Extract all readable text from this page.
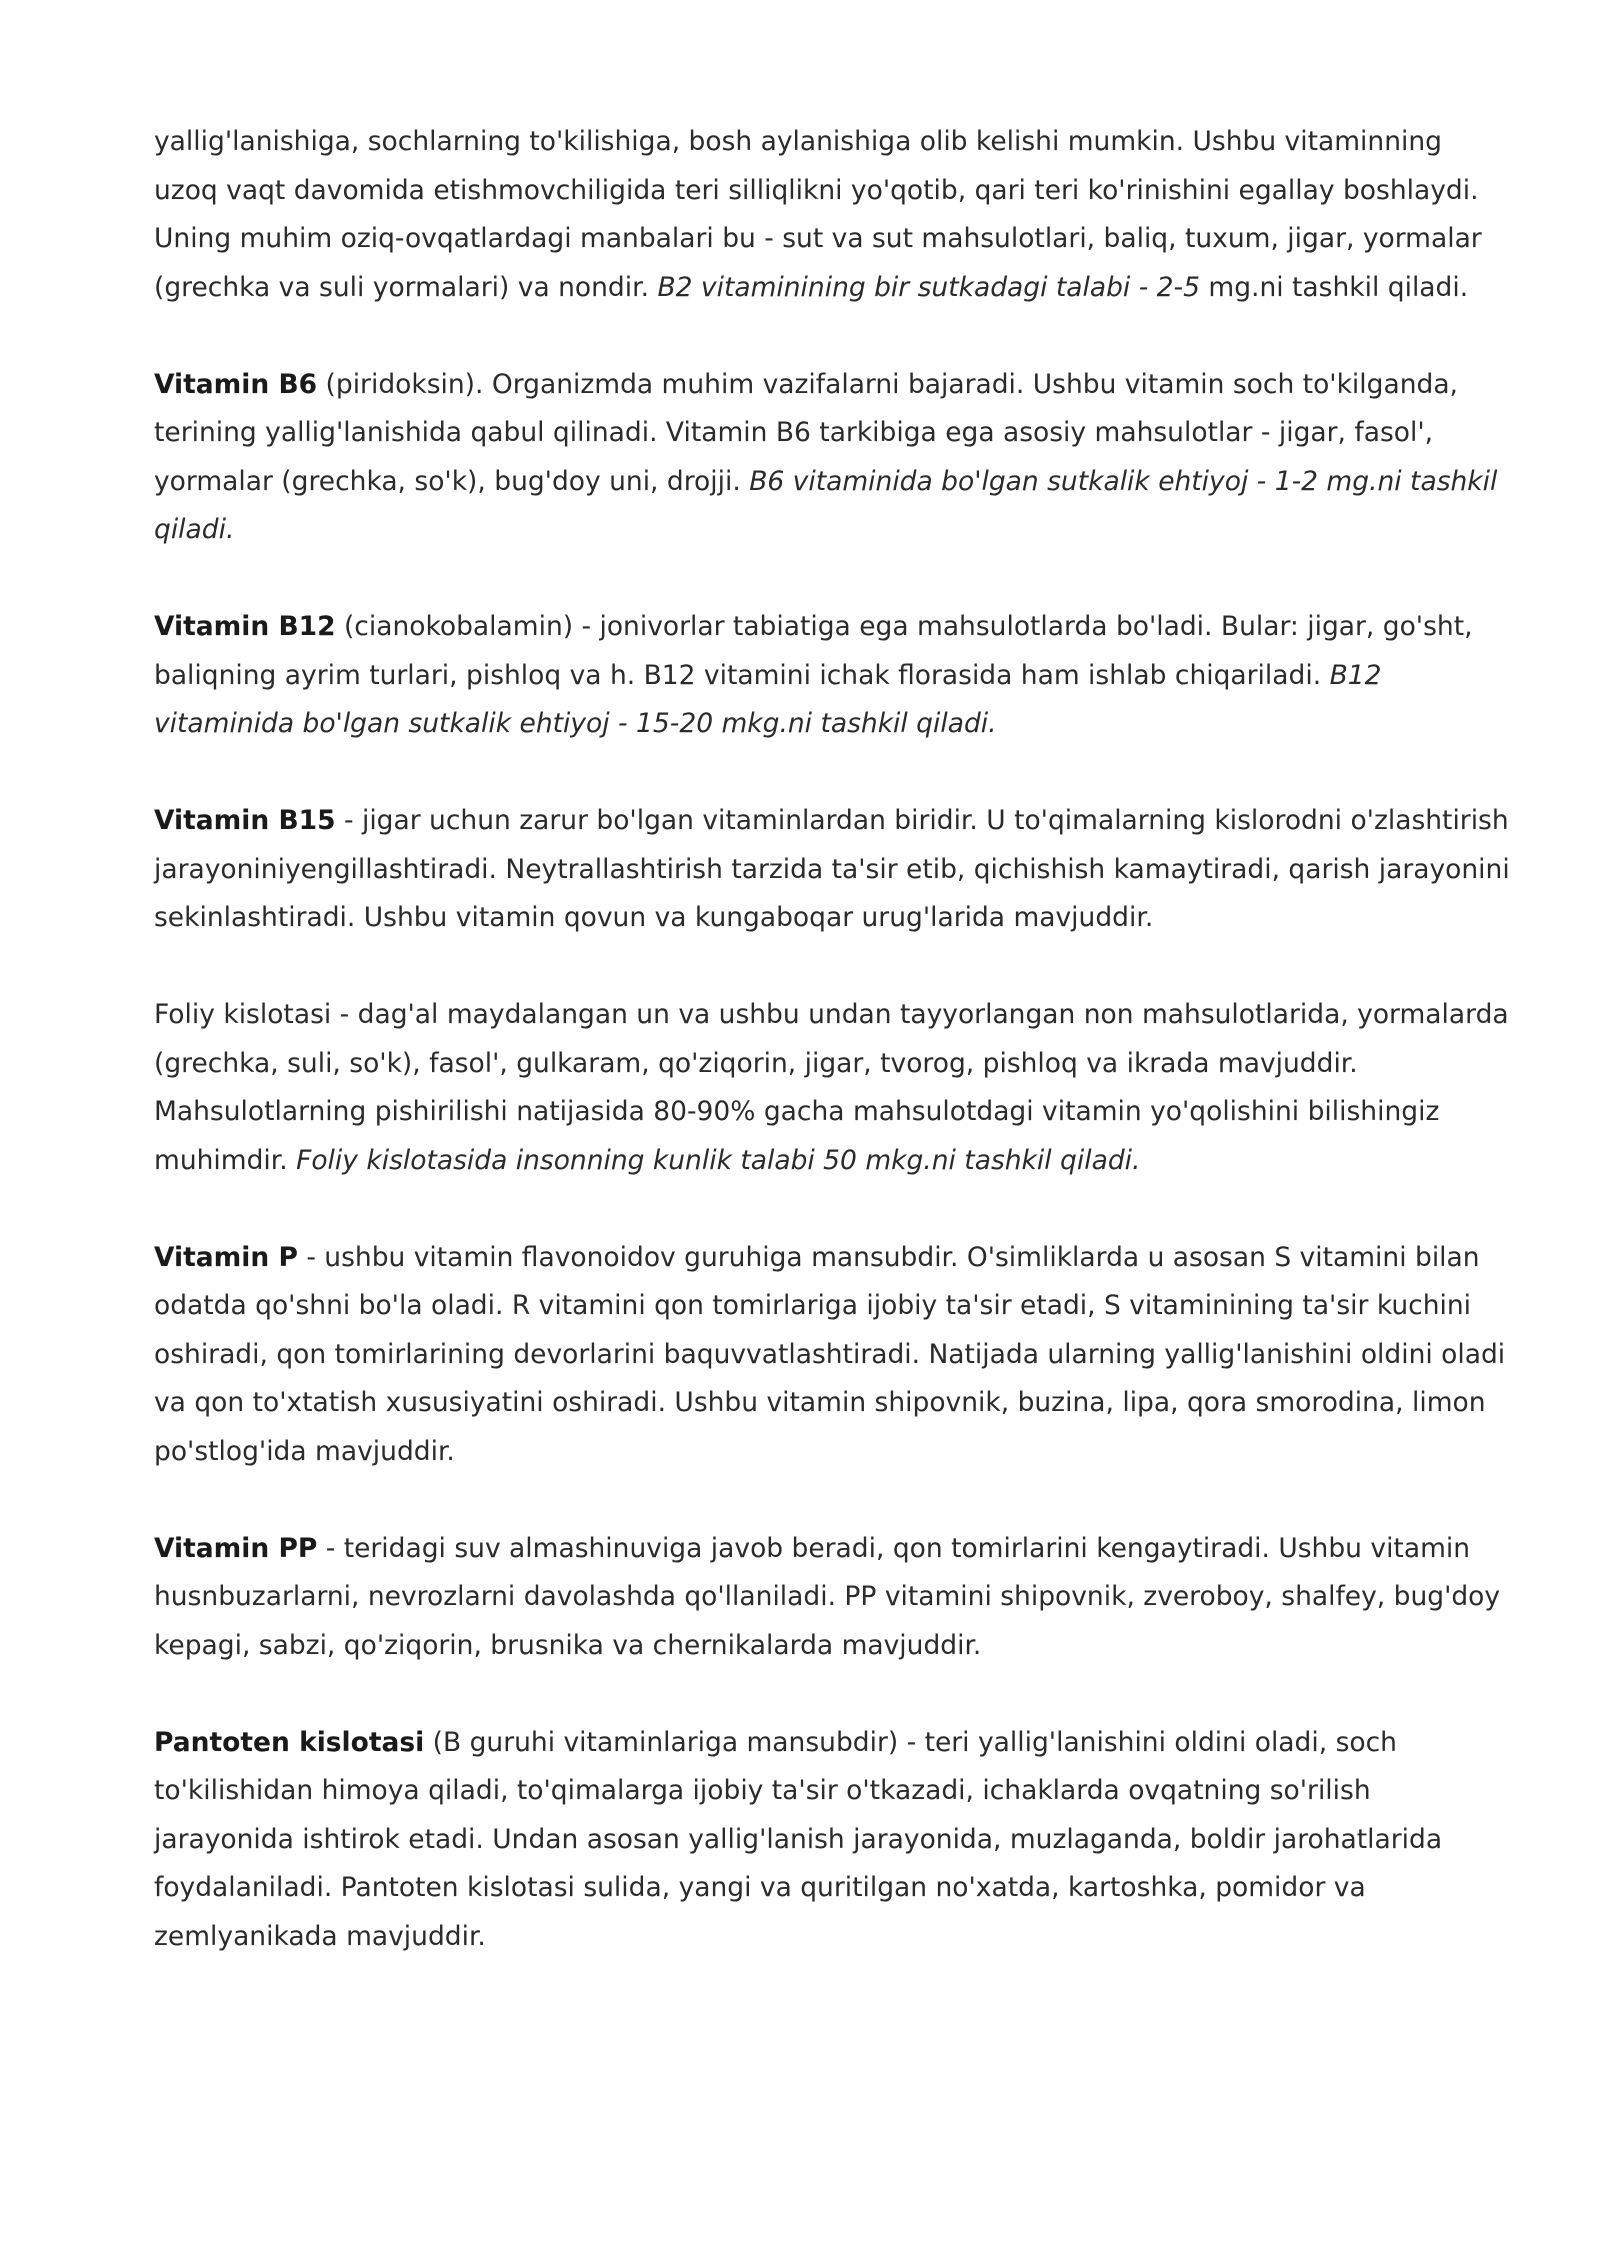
yallig'lanishiga, sochlarning to'kilishiga, bosh aylanishiga olib kelishi mumkin. Ushbu vitaminning uzoq vaqt davomida etishmovchiligida teri silliqlikni yo'qotib, qari teri ko'rinishini egallay boshlaydi. Uning muhim oziq-ovqatlardagi manbalari bu - sut va sut mahsulotlari, baliq, tuxum, jigar, yormalar (grechka va suli yormalari) va nondir. B2 vitaminining bir sutkadagi talabi - 2-5 mg.ni tashkil qiladi.

Vitamin B6 (piridoksin). Organizmda muhim vazifalarni bajaradi. Ushbu vitamin soch to'kilganda, terining yallig'lanishida qabul qilinadi. Vitamin B6 tarkibiga ega asosiy mahsulotlar - jigar, fasol', yormalar (grechka, so'k), bug'doy uni, drojji. B6 vitaminida bo'lgan sutkalik ehtiyoj - 1-2 mg.ni tashkil qiladi.

Vitamin B12 (cianokobalamin) - jonivorlar tabiatiga ega mahsulotlarda bo'ladi. Bular: jigar, go'sht, baliqning ayrim turlari, pishloq va h. B12 vitamini ichak florasida ham ishlab chiqariladi. B12 vitaminida bo'lgan sutkalik ehtiyoj - 15-20 mkg.ni tashkil qiladi.

Vitamin B15 - jigar uchun zarur bo'lgan vitaminlardan biridir. U to'qimalarning kislorodni o'zlashtirish jarayoniniyengillashtiradi. Neytrallashtirish tarzida ta'sir etib, qichishish kamaytiradi, qarish jarayonini sekinlashtiradi. Ushbu vitamin qovun va kungaboqar urug'larida mavjuddir.

Foliy kislotasi - dag'al maydalangan un va ushbu undan tayyorlangan non mahsulotlarida, yormalarda (grechka, suli, so'k), fasol', gulkaram, qo'ziqorin, jigar, tvorog, pishloq va ikrada mavjuddir. Mahsulotlarning pishirilishi natijasida 80-90% gacha mahsulotdagi vitamin yo'qolishini bilishingiz muhimdir. Foliy kislotasida insonning kunlik talabi 50 mkg.ni tashkil qiladi.

Vitamin P - ushbu vitamin flavonoidov guruhiga mansubdir. O'simliklarda u asosan S vitamini bilan odatda qo'shni bo'la oladi. R vitamini qon tomirlariga ijobiy ta'sir etadi, S vitaminining ta'sir kuchini oshiradi, qon tomirlarining devorlarini baquvvatlashtiradi. Natijada ularning yallig'lanishini oldini oladi va qon to'xtatish xususiyatini oshiradi. Ushbu vitamin shipovnik, buzina, lipa, qora smorodina, limon po'stlog'ida mavjuddir.

Vitamin PP - teridagi suv almashinuviga javob beradi, qon tomirlarini kengaytiradi. Ushbu vitamin husnbuzarlarni, nevrozlarni davolashda qo'llaniladi. PP vitamini shipovnik, zveroboy, shalfey, bug'doy kepagi, sabzi, qo'ziqorin, brusnika va chernikalarda mavjuddir.

Pantoten kislotasi (B guruhi vitaminlariga mansubdir) - teri yallig'lanishini oldini oladi, soch to'kilishidan himoya qiladi, to'qimalarga ijobiy ta'sir o'tkazadi, ichaklarda ovqatning so'rilish jarayonida ishtirok etadi. Undan asosan yallig'lanish jarayonida, muzlaganda, boldir jarohatlarida foydalaniladi. Pantoten kislotasi sulida, yangi va quritilgan no'xatda, kartoshka, pomidor va zemlyanikada mavjuddir.
